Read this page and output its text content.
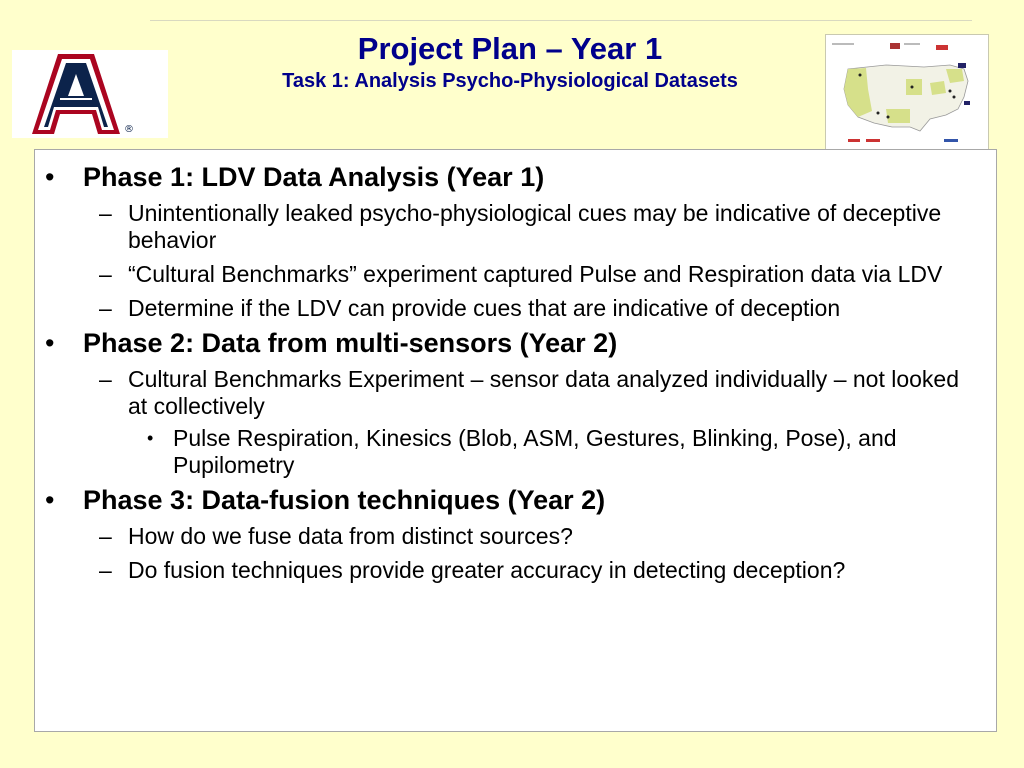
®

Project Plan – Year 1

Task 1: Analysis Psycho-Physiological Datasets

• Phase 1: LDV Data Analysis (Year 1)
– Unintentionally leaked psycho-physiological cues may be indicative of deceptive behavior
– “Cultural Benchmarks” experiment captured Pulse and Respiration data via LDV
– Determine if the LDV can provide cues that are indicative of deception
• Phase 2: Data from multi-sensors (Year 2)
– Cultural Benchmarks Experiment – sensor data analyzed individually – not looked at collectively
• Pulse Respiration, Kinesics (Blob, ASM, Gestures, Blinking, Pose), and Pupilometry
• Phase 3: Data-fusion techniques (Year 2)
– How do we fuse data from distinct sources?
– Do fusion techniques provide greater accuracy in detecting deception?
